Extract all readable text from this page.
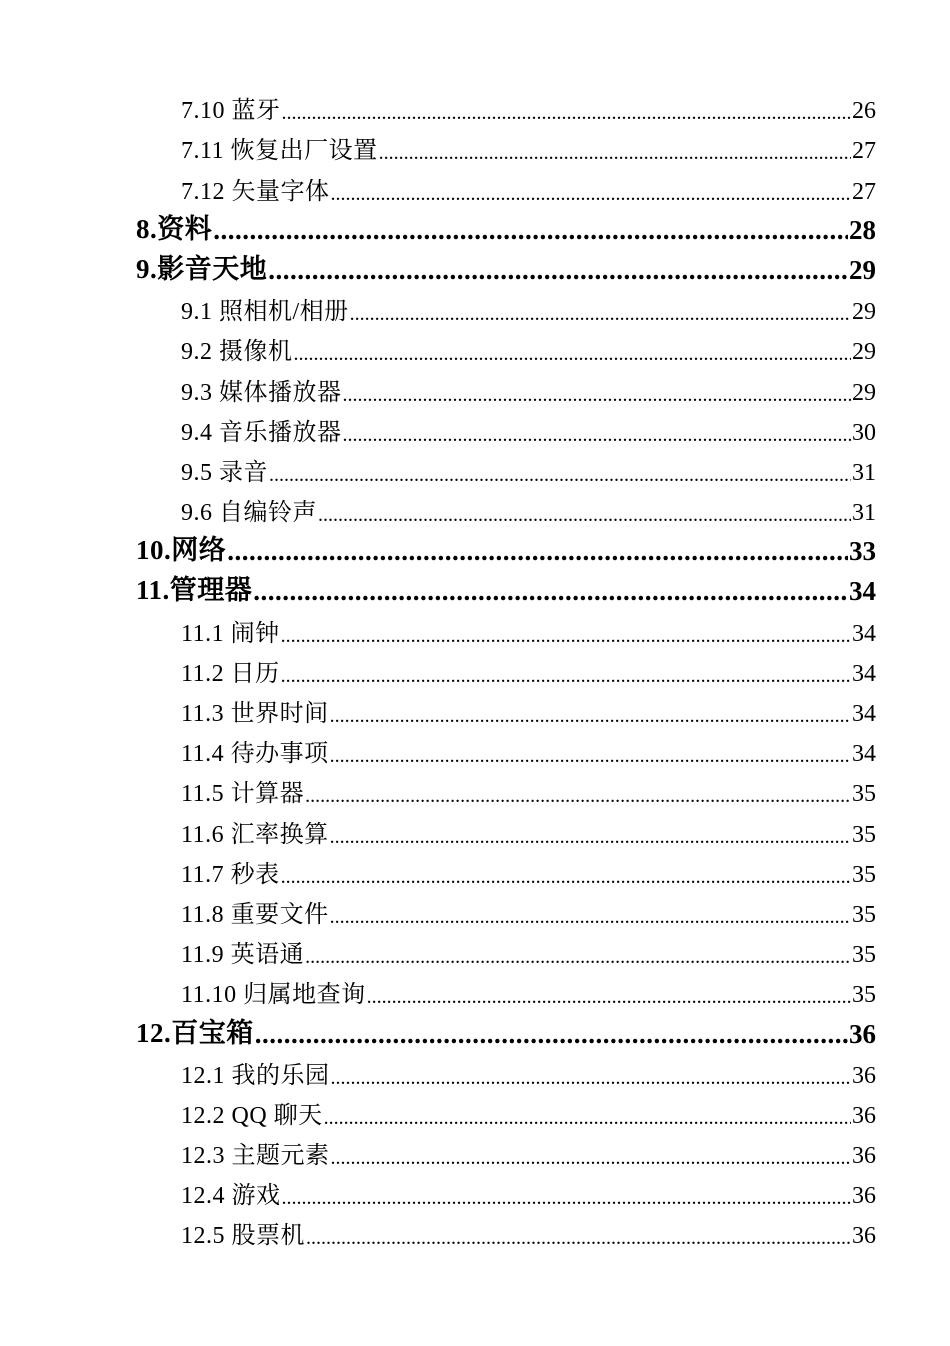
7.10 蓝牙 .....	26
7.11 恢复出厂设置 .....	27
7.12 矢量字体 .....	27
8.资料 .....	28
9.影音天地 .....	29
9.1 照相机/相册 .....	29
9.2 摄像机 .....	29
9.3 媒体播放器 .....	29
9.4 音乐播放器 .....	30
9.5 录音 .....	31
9.6 自编铃声 .....	31
10.网络 .....	33
11.管理器 .....	34
11.1 闹钟 .....	34
11.2 日历 .....	34
11.3 世界时间 .....	34
11.4 待办事项 .....	34
11.5 计算器 .....	35
11.6 汇率换算 .....	35
11.7 秒表 .....	35
11.8 重要文件 .....	35
11.9 英语通 .....	35
11.10 归属地查询 .....	35
12.百宝箱 .....	36
12.1 我的乐园 .....	36
12.2 QQ 聊天 .....	36
12.3 主题元素 .....	36
12.4 游戏 .....	36
12.5 股票机 .....	36
